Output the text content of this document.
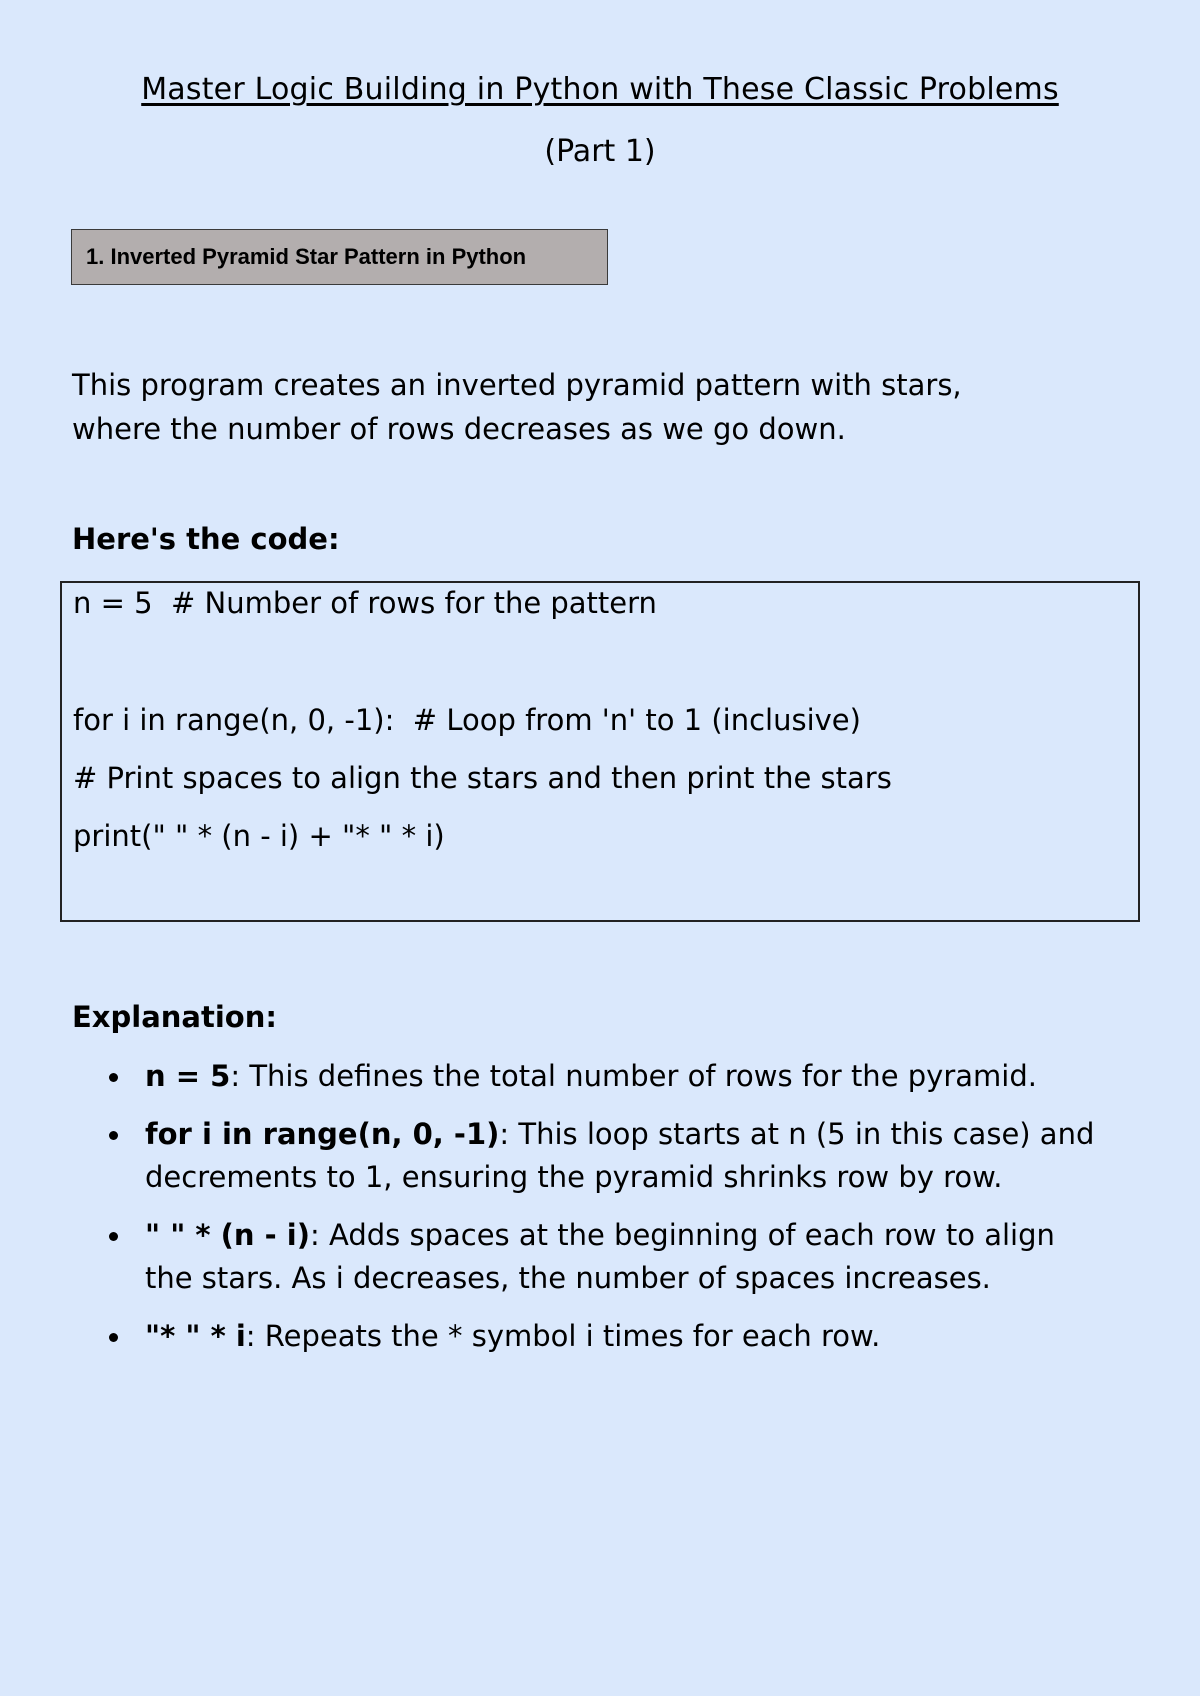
Master Logic Building in Python with These Classic Problems
(Part 1)
1. Inverted Pyramid Star Pattern in Python
This program creates an inverted pyramid pattern with stars,
where the number of rows decreases as we go down.
Here's the code:
n = 5  # Number of rows for the pattern
for i in range(n, 0, -1):  # Loop from 'n' to 1 (inclusive)
# Print spaces to align the stars and then print the stars
print(" " * (n - i) + "* " * i)
Explanation:
n = 5: This defines the total number of rows for the pyramid.
for i in range(n, 0, -1): This loop starts at n (5 in this case) and decrements to 1, ensuring the pyramid shrinks row by row.
" " * (n - i): Adds spaces at the beginning of each row to align the stars. As i decreases, the number of spaces increases.
"* " * i: Repeats the * symbol i times for each row.
